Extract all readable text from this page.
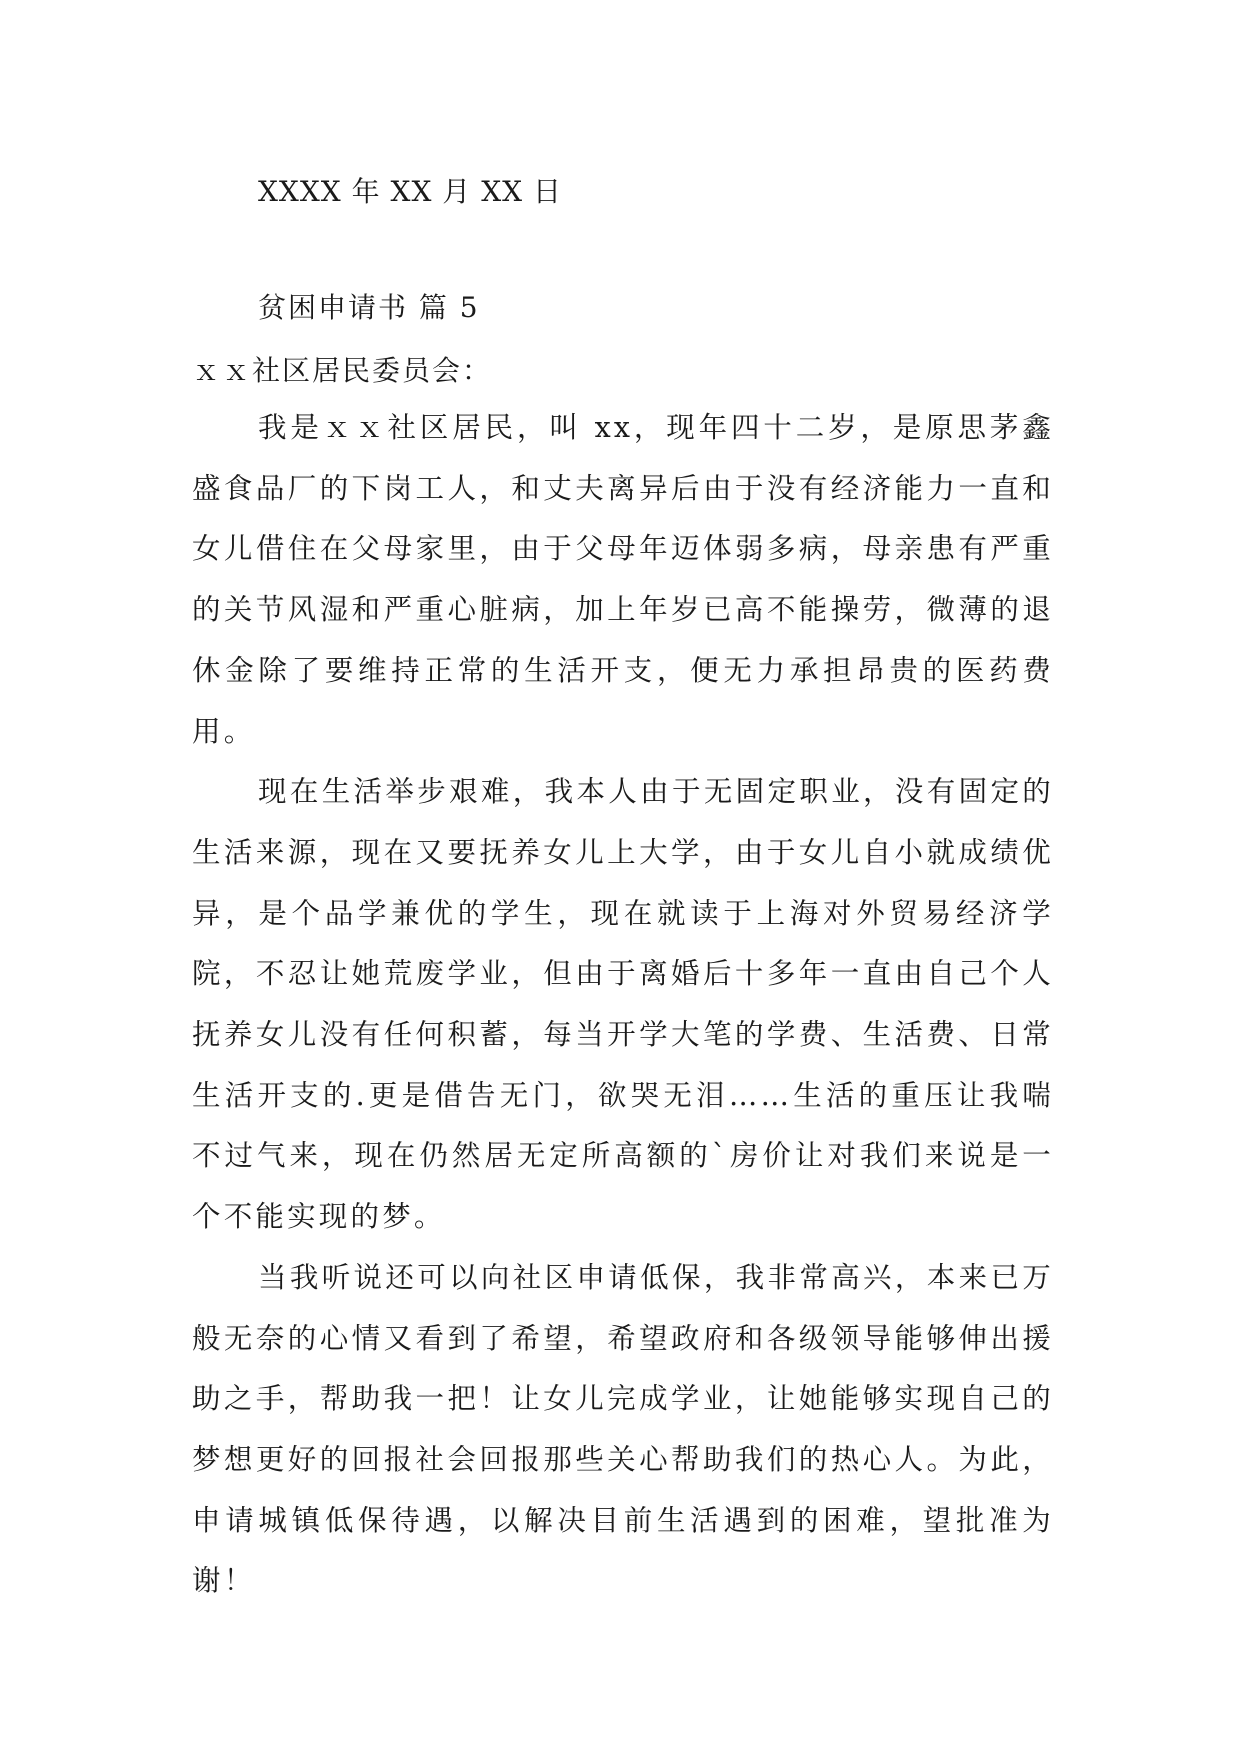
XXXX 年 XX 月 XX 日
贫困申请书 篇 5
ｘｘ社区居民委员会：

我是ｘｘ社区居民，叫 xx，现年四十二岁，是原思茅鑫盛食品厂的下岗工人，和丈夫离异后由于没有经济能力一直和女儿借住在父母家里，由于父母年迈体弱多病，母亲患有严重的关节风湿和严重心脏病，加上年岁已高不能操劳，微薄的退休金除了要维持正常的生活开支，便无力承担昂贵的医药费用。

现在生活举步艰难，我本人由于无固定职业，没有固定的生活来源，现在又要抚养女儿上大学，由于女儿自小就成绩优异，是个品学兼优的学生，现在就读于上海对外贸易经济学院，不忍让她荒废学业，但由于离婚后十多年一直由自己个人抚养女儿没有任何积蓄，每当开学大笔的学费、生活费、日常生活开支的.更是借告无门，欲哭无泪……生活的重压让我喘不过气来，现在仍然居无定所高额的`房价让对我们来说是一个不能实现的梦。

当我听说还可以向社区申请低保，我非常高兴，本来已万般无奈的心情又看到了希望，希望政府和各级领导能够伸出援助之手，帮助我一把！让女儿完成学业，让她能够实现自己的梦想更好的回报社会回报那些关心帮助我们的热心人。为此，申请城镇低保待遇，以解决目前生活遇到的困难，望批准为谢！
